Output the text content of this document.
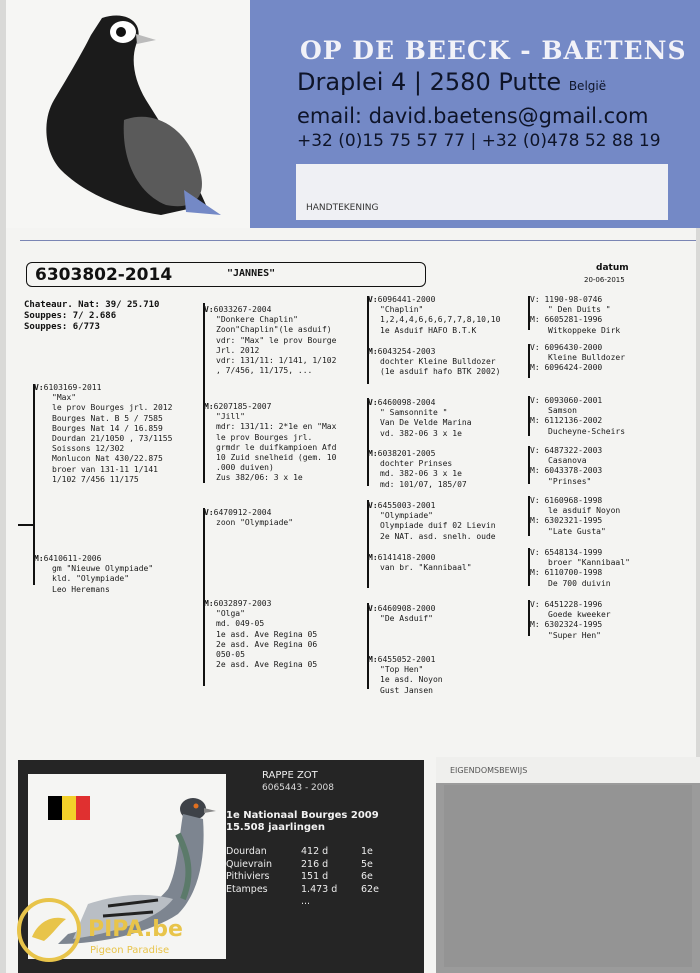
OP DE BEECK - BAETENS
Draplei 4 | 2580 Putte België
email: david.baetens@gmail.com
+32 (0)15 75 57 77 | +32 (0)478 52 88 19
HANDTEKENING
6303802-2014	"JANNES"	datum
20-06-2015
Chateaur. Nat: 39/ 25.710
Souppes: 7/ 2.686
Souppes: 6/773
V:6103169-2011
"Max"
le prov Bourges jrl. 2012
Bourges Nat. B 5 / 7585
Bourges Nat 14 / 16.859
Dourdan 21/1050 , 73/1155
Soissons 12/302
Monlucon Nat 430/22.875
broer van 131-11 1/141
1/102 7/456 11/175
M:6410611-2006
gm "Nieuwe Olympiade"
kld. "Olympiade"
Leo Heremans
V:6033267-2004
"Donkere Chaplin"
Zoon"Chaplin"(le asduif)
vdr: "Max" le prov Bourge
Jrl. 2012
vdr: 131/11: 1/141, 1/102
, 7/456, 11/175, ...
M:6207185-2007
"Jill"
mdr: 131/11: 2*1e en "Max
le prov Bourges jrl.
grmdr le duifkampioen Afd
10 Zuid snelheid (gem. 10
.000 duiven)
Zus 382/06: 3 x 1e
V:6470912-2004
zoon "Olympiade"
M:6032897-2003
"Olga"
md. 049-05
1e asd. Ave Regina 05
2e asd. Ave Regina 06
050-05
2e asd. Ave Regina 05
V:6096441-2000
"Chaplin"
1,2,4,4,6,6,6,7,7,8,10,10
1e Asduif HAFO B.T.K
M:6043254-2003
dochter Kleine Bulldozer
(1e asduif hafo BTK 2002)
V:6460098-2004
" Samsonnite "
Van De Velde Marina
vd. 382-06 3 x 1e
M:6038201-2005
dochter Prinses
md. 382-06 3 x 1e
md: 101/07, 185/07
V:6455003-2001
"Olympiade"
Olympiade duif 02 Lievin
2e NAT. asd. snelh. oude
M:6141418-2000
van br. "Kannibaal"
V:6460908-2000
"De Asduif"
M:6455052-2001
"Top Hen"
1e asd. Noyon
Gust Jansen
V: 1190-98-0746
" Den Duits "
M: 6605281-1996
Witkoppeke Dirk
V: 6096430-2000
Kleine Bulldozer
M: 6096424-2000
V: 6093060-2001
Samson
M: 6112136-2002
Ducheyne-Scheirs
V: 6487322-2003
Casanova
M: 6043378-2003
"Prinses"
V: 6160968-1998
le asduif Noyon
M: 6302321-1995
"Late Gusta"
V: 6548134-1999
broer "Kannibaal"
M: 6110700-1998
De 700 duivin
V: 6451228-1996
Goede kweeker
M: 6302324-1995
"Super Hen"
RAPPE ZOT
6065443 - 2008
1e Nationaal Bourges 2009
15.508 jaarlingen
Dourdan	412 d	1e
Quievrain	216 d	5e
Pithiviers	151 d	6e
Etampes	1.473 d	62e
...
EIGENDOMSBEWIJS
PIPA.be
Pigeon Paradise
